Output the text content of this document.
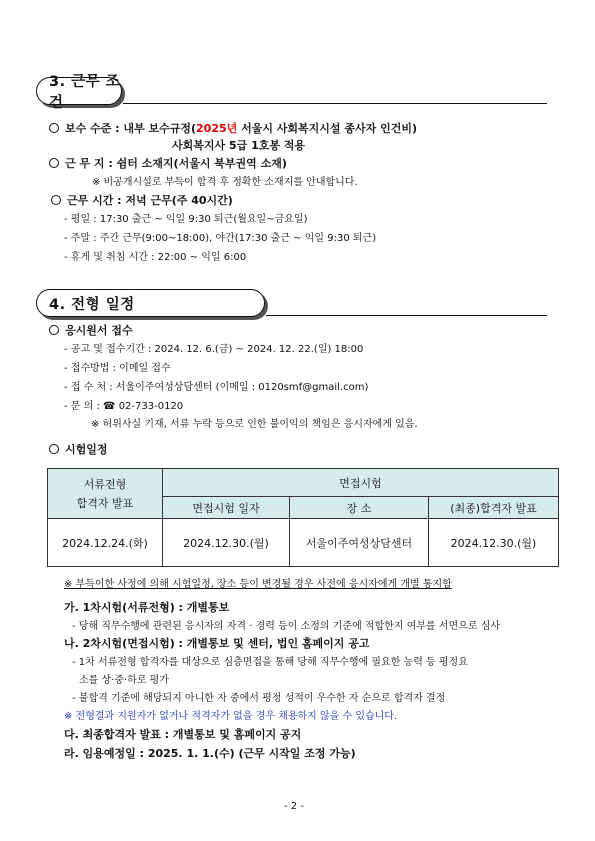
3. 근무 조건
보수 수준 : 내부 보수규정(2025년 서울시 사회복지시설 종사자 인건비)
사회복지사 5급 1호봉 적용
근 무 지 : 쉼터 소재지(서울시 북부권역 소재)
※ 비공개시설로 부득이 합격 후 정확한 소재지를 안내합니다.
근무 시간 : 저녁 근무(주 40시간)
- 평일 : 17:30 출근 ~ 익일 9:30 퇴근(월요일~금요일)
- 주말 : 주간 근무(9:00~18:00), 야간(17:30 출근 ~ 익일 9:30 퇴근)
- 휴게 및 취침 시간 : 22:00 ~ 익일 6:00
4. 전형 일정
응시원서 접수
- 공고 및 접수기간 : 2024. 12. 6.(금) ~ 2024. 12. 22.(일) 18:00
- 접수방법 : 이메일 접수
- 접 수 처 : 서울이주여성상담센터 (이메일 : 0120smf@gmail.com)
- 문 의 : ☎ 02-733-0120
※ 허위사실 기재, 서류 누락 등으로 인한 불이익의 책임은 응시자에게 있음.
시험일정
서류전형
합격자 발표	면접시험		
	면접시험 일자	장 소	(최종)합격자 발표
2024.12.24.(화)	2024.12.30.(월)	서울이주여성상담센터	2024.12.30.(월)
※ 부득이한 사정에 의해 시험일정, 장소 등이 변경될 경우 사전에 응시자에게 개별 통지함
가. 1차시험(서류전형) : 개별통보
- 당해 직무수행에 관련된 응시자의 자격 · 경력 등이 소정의 기준에 적합한지 여부를 서면으로 심사
나. 2차시험(면접시험) : 개별통보 및 센터, 법인 홈페이지 공고
- 1차 서류전형 합격자를 대상으로 심층면접을 통해 당해 직무수행에 필요한 능력 등 평정요
소를 상·중·하로 평가
- 불합격 기준에 해당되지 아니한 자 중에서 평정 성적이 우수한 자 순으로 합격자 결정
※ 전형결과 지원자가 없거나 적격자가 없을 경우 채용하지 않을 수 있습니다.
다. 최종합격자 발표 : 개별통보 및 홈페이지 공지
라. 임용예정일 : 2025. 1. 1.(수) (근무 시작일 조정 가능)
- 2 -
